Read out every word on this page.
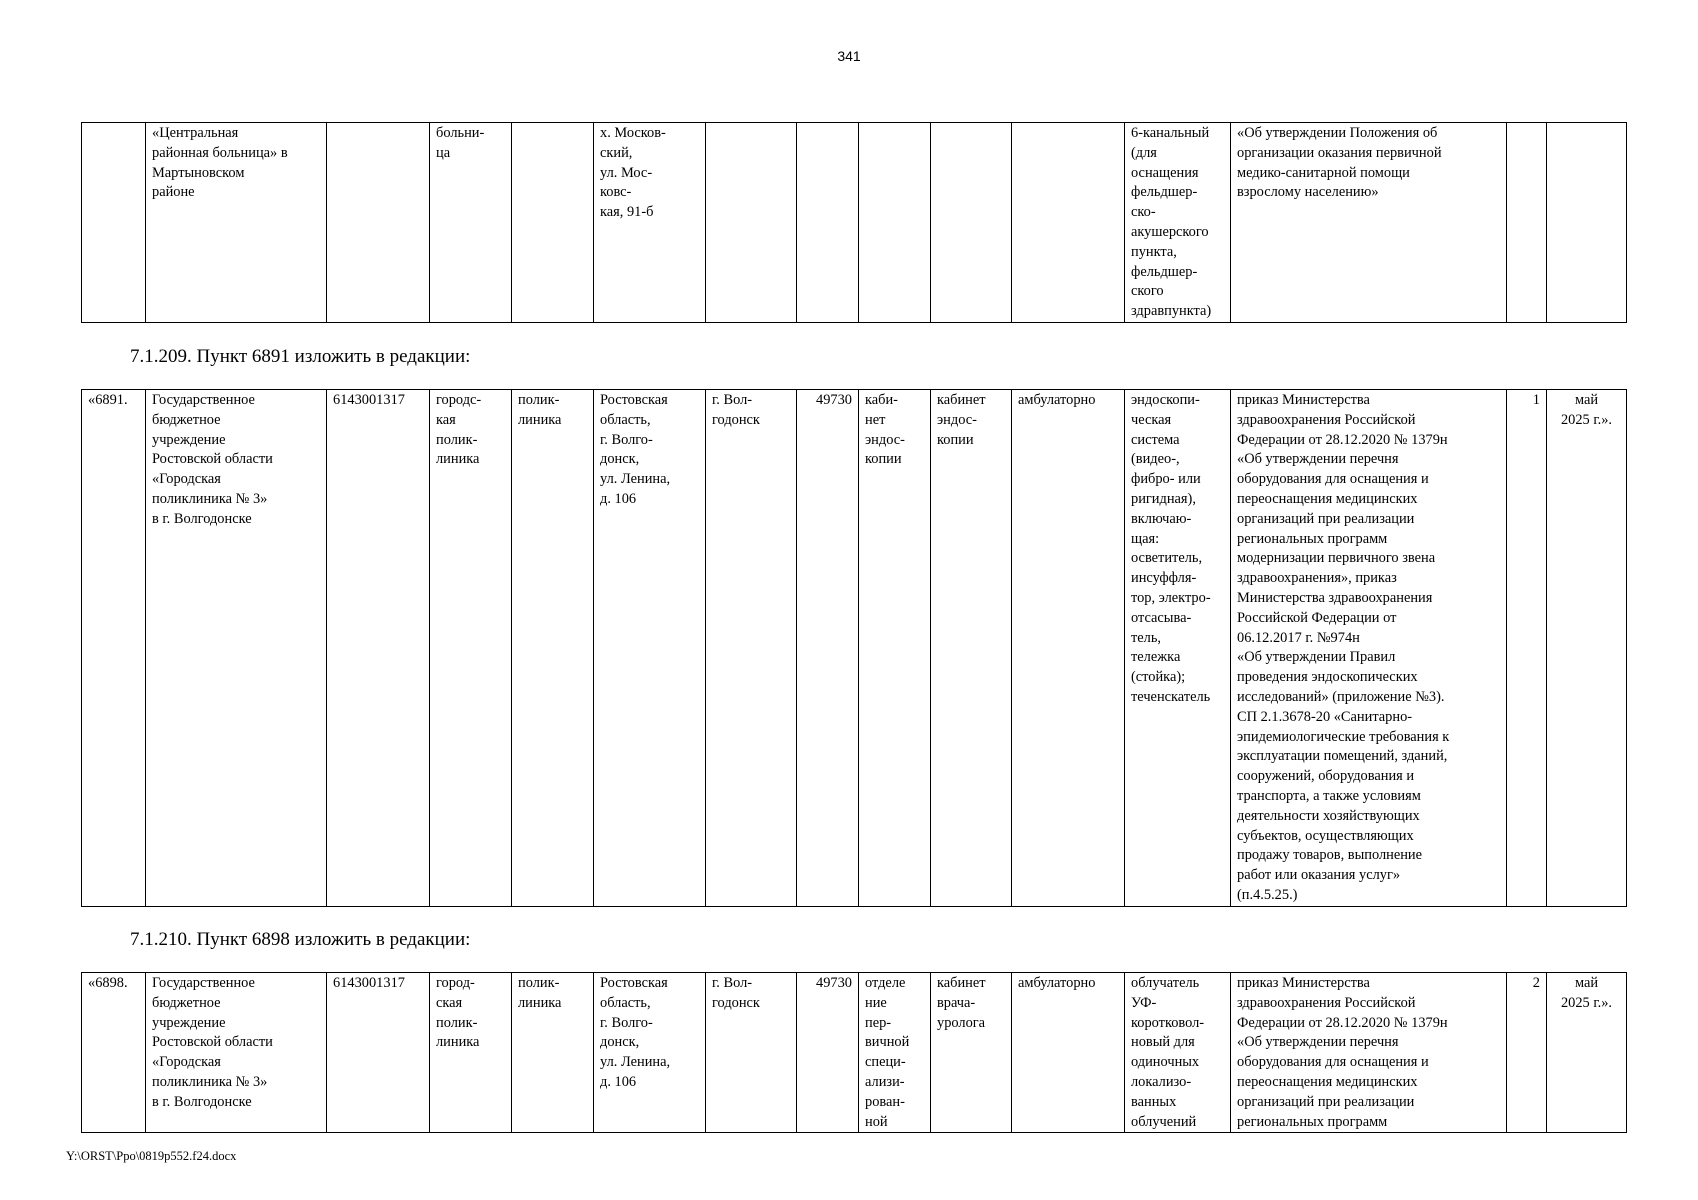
341
	«Центральная
районная больница» в
Мартыновском
районе		больни-
ца		х. Москов-
ский,
ул. Мос-
ковс-
кая, 91-б						6-канальный
(для
оснащения
фельдшер-
ско-
акушерского
пункта,
фельдшер-
ского
здравпункта)	«Об утверждении Положения об
организации оказания первичной
медико-санитарной помощи
взрослому населению»		
7.1.209. Пункт 6891 изложить в редакции:
«6891.	Государственное
бюджетное
учреждение
Ростовской области
«Городская
поликлиника № 3»
в г. Волгодонске	6143001317	городс-
кая
полик-
линика	полик-
линика	Ростовская
область,
г. Волго-
донск,
ул. Ленина,
д. 106	г. Вол-
годонск	49730	каби-
нет
эндос-
копии	кабинет
эндос-
копии	амбулаторно	эндоскопи-
ческая
система
(видео-,
фибро- или
ригидная),
включаю-
щая:
осветитель,
инсуффля-
тор, электро-
отсасыва-
тель,
тележка
(стойка);
теченскатель	приказ Министерства
здравоохранения Российской
Федерации от 28.12.2020 № 1379н
«Об утверждении перечня
оборудования для оснащения и
переоснащения медицинских
организаций при реализации
региональных программ
модернизации первичного звена
здравоохранения», приказ
Министерства здравоохранения
Российской Федерации от
06.12.2017 г. №974н
«Об утверждении Правил
проведения эндоскопических
исследований» (приложение №3).
СП 2.1.3678-20 «Санитарно-
эпидемиологические требования к
эксплуатации помещений, зданий,
сооружений, оборудования и
транспорта, а также условиям
деятельности хозяйствующих
субъектов, осуществляющих
продажу товаров, выполнение
работ или оказания услуг»
(п.4.5.25.)	1	май
2025 г.».
7.1.210. Пункт 6898 изложить в редакции:
«6898.	Государственное
бюджетное
учреждение
Ростовской области
«Городская
поликлиника № 3»
в г. Волгодонске	6143001317	город-
ская
полик-
линика	полик-
линика	Ростовская
область,
г. Волго-
донск,
ул. Ленина,
д. 106	г. Вол-
годонск	49730	отделе
ние
пер-
вичной
специ-
ализи-
рован-
ной	кабинет
врача-
уролога	амбулаторно	облучатель
УФ-
коротковол-
новый для
одиночных
локализо-
ванных
облучений	приказ Министерства
здравоохранения Российской
Федерации от 28.12.2020 № 1379н
«Об утверждении перечня
оборудования для оснащения и
переоснащения медицинских
организаций при реализации
региональных программ	2	май
2025 г.».
Y:\ORST\Ppo\0819p552.f24.docx
